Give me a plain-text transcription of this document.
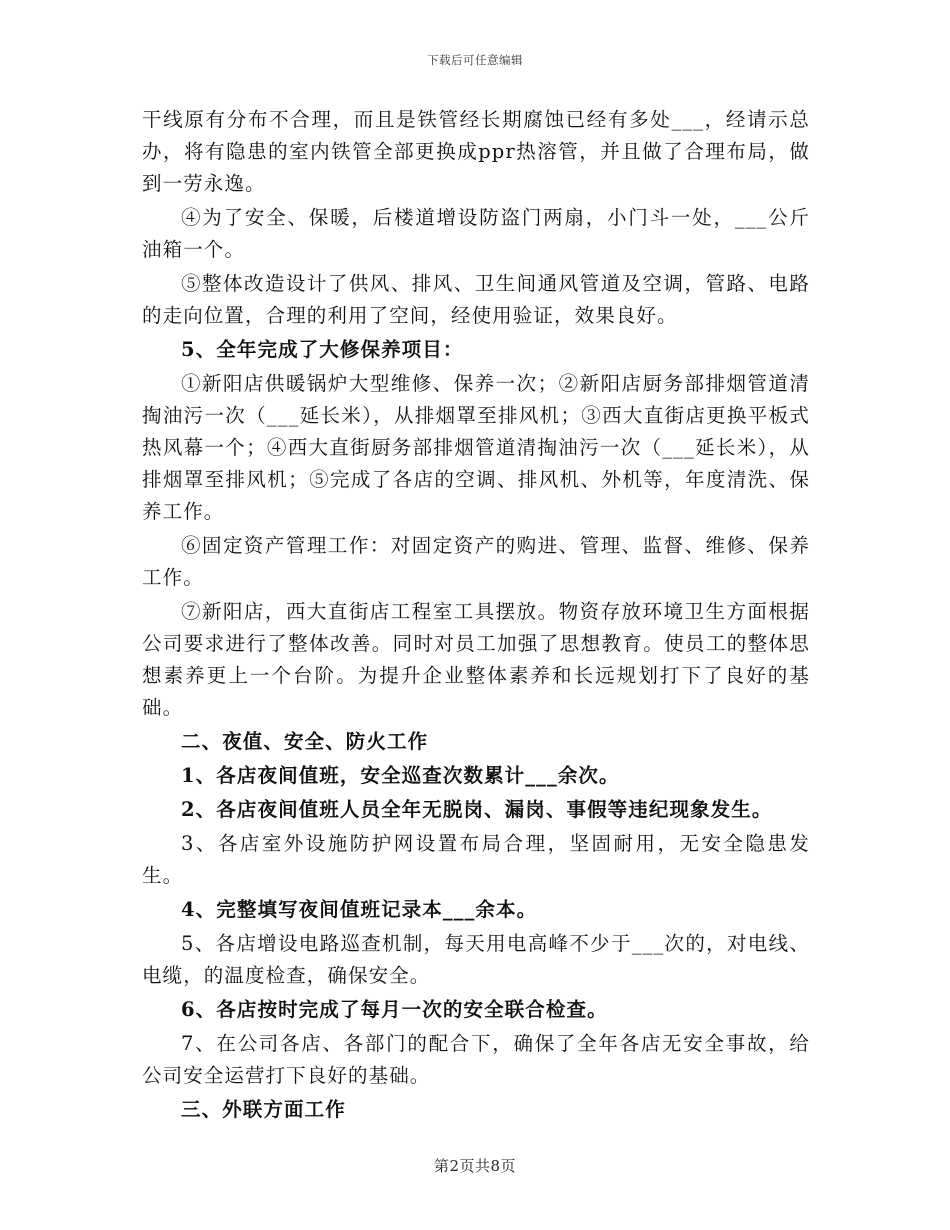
下载后可任意编辑

干线原有分布不合理，而且是铁管经长期腐蚀已经有多处___，经请示总办，将有隐患的室内铁管全部更换成ppr热溶管，并且做了合理布局，做到一劳永逸。

④为了安全、保暖，后楼道增设防盗门两扇，小门斗一处，___公斤油箱一个。

⑤整体改造设计了供风、排风、卫生间通风管道及空调，管路、电路的走向位置，合理的利用了空间，经使用验证，效果良好。

5、全年完成了大修保养项目：

①新阳店供暖锅炉大型维修、保养一次；②新阳店厨务部排烟管道清掏油污一次（___延长米），从排烟罩至排风机；③西大直街店更换平板式热风幕一个；④西大直街厨务部排烟管道清掏油污一次（___延长米），从排烟罩至排风机；⑤完成了各店的空调、排风机、外机等，年度清洗、保养工作。

⑥固定资产管理工作：对固定资产的购进、管理、监督、维修、保养工作。

⑦新阳店，西大直街店工程室工具摆放。物资存放环境卫生方面根据公司要求进行了整体改善。同时对员工加强了思想教育。使员工的整体思想素养更上一个台阶。为提升企业整体素养和长远规划打下了良好的基础。

二、夜值、安全、防火工作

1、各店夜间值班，安全巡查次数累计___余次。

2、各店夜间值班人员全年无脱岗、漏岗、事假等违纪现象发生。

3、各店室外设施防护网设置布局合理，坚固耐用，无安全隐患发生。

4、完整填写夜间值班记录本___余本。

5、各店增设电路巡查机制，每天用电高峰不少于___次的，对电线、电缆，的温度检查，确保安全。

6、各店按时完成了每月一次的安全联合检查。

7、在公司各店、各部门的配合下，确保了全年各店无安全事故，给公司安全运营打下良好的基础。

三、外联方面工作

第2页共8页
